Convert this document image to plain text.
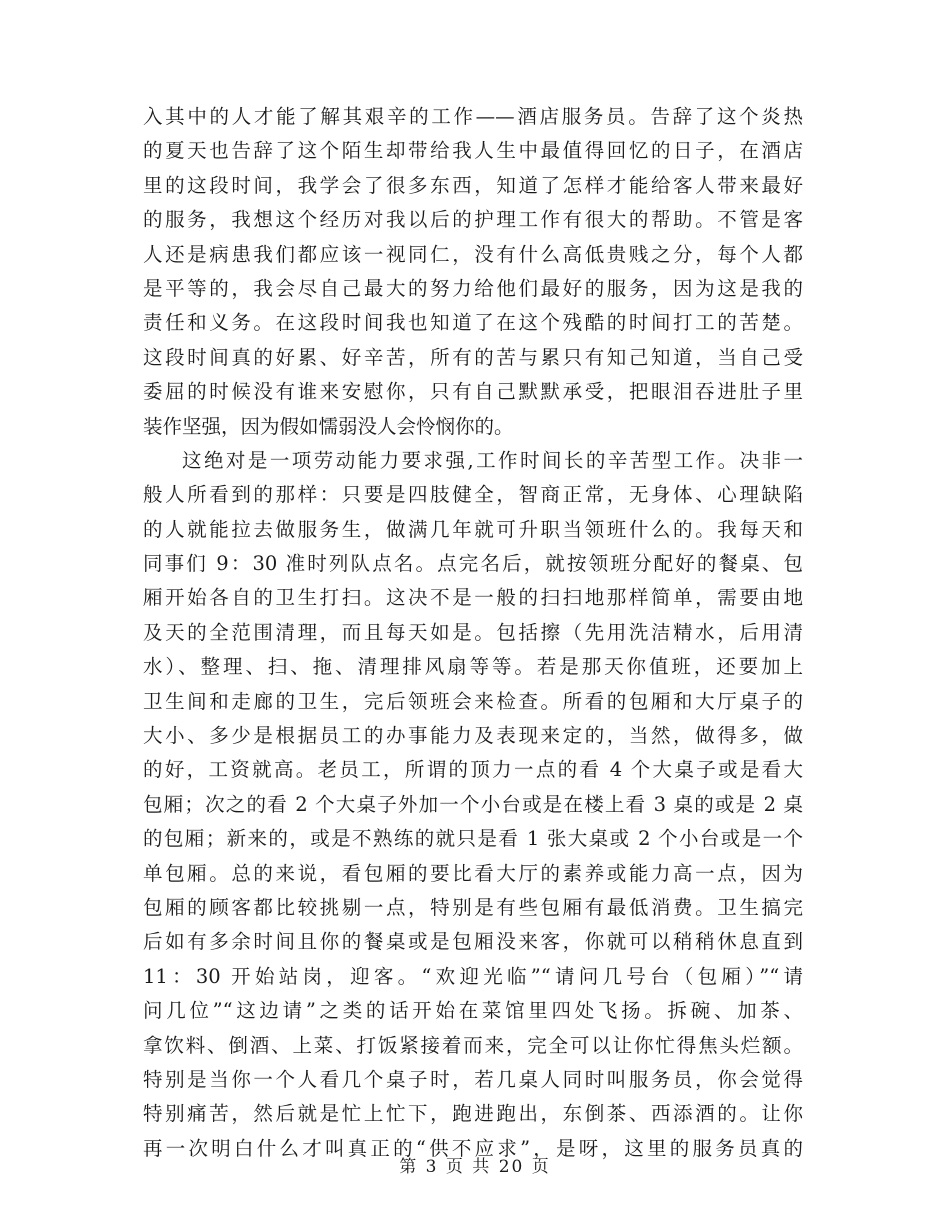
入其中的人才能了解其艰辛的工作——酒店服务员。告辞了这个炎热
的夏天也告辞了这个陌生却带给我人生中最值得回忆的日子，在酒店
里的这段时间，我学会了很多东西，知道了怎样才能给客人带来最好
的服务，我想这个经历对我以后的护理工作有很大的帮助。不管是客
人还是病患我们都应该一视同仁，没有什么高低贵贱之分，每个人都
是平等的，我会尽自己最大的努力给他们最好的服务，因为这是我的
责任和义务。在这段时间我也知道了在这个残酷的时间打工的苦楚。
这段时间真的好累、好辛苦，所有的苦与累只有知己知道，当自己受
委屈的时候没有谁来安慰你，只有自己默默承受，把眼泪吞进肚子里
装作坚强，因为假如懦弱没人会怜悯你的。
这绝对是一项劳动能力要求强,工作时间长的辛苦型工作。决非一
般人所看到的那样：只要是四肢健全，智商正常，无身体、心理缺陷
的人就能拉去做服务生，做满几年就可升职当领班什么的。我每天和
同事们 9：30 准时列队点名。点完名后，就按领班分配好的餐桌、包
厢开始各自的卫生打扫。这决不是一般的扫扫地那样简单，需要由地
及天的全范围清理，而且每天如是。包括擦（先用洗洁精水，后用清
水）、整理、扫、拖、清理排风扇等等。若是那天你值班，还要加上
卫生间和走廊的卫生，完后领班会来检查。所看的包厢和大厅桌子的
大小、多少是根据员工的办事能力及表现来定的，当然，做得多，做
的好，工资就高。老员工，所谓的顶力一点的看 4 个大桌子或是看大
包厢；次之的看 2 个大桌子外加一个小台或是在楼上看 3 桌的或是 2 桌
的包厢；新来的，或是不熟练的就只是看 1 张大桌或 2 个小台或是一个
单包厢。总的来说，看包厢的要比看大厅的素养或能力高一点，因为
包厢的顾客都比较挑剔一点，特别是有些包厢有最低消费。卫生搞完
后如有多余时间且你的餐桌或是包厢没来客，你就可以稍稍休息直到
11：30 开始站岗，迎客。“欢迎光临”“请问几号台（包厢）”“请
问几位”“这边请”之类的话开始在菜馆里四处飞扬。拆碗、加茶、
拿饮料、倒酒、上菜、打饭紧接着而来，完全可以让你忙得焦头烂额。
特别是当你一个人看几个桌子时，若几桌人同时叫服务员，你会觉得
特别痛苦，然后就是忙上忙下，跑进跑出，东倒茶、西添酒的。让你
再一次明白什么才叫真正的“供不应求”，是呀，这里的服务员真的
第 3 页 共 20 页
